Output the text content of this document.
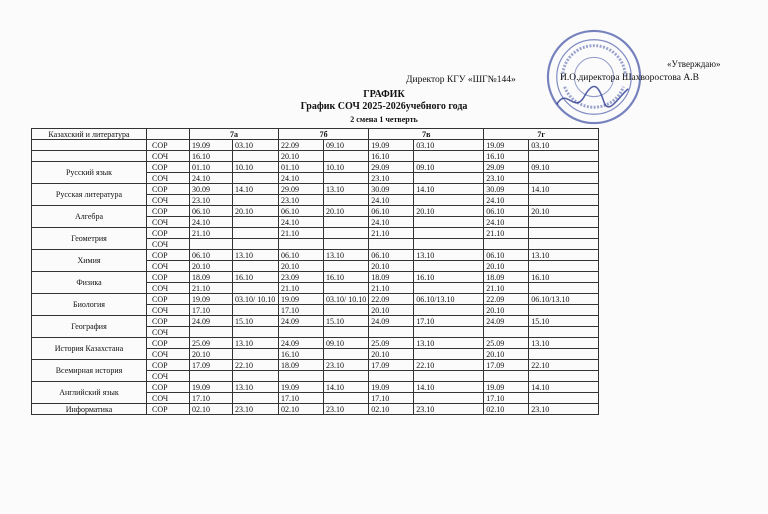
«Утверждаю»
Директор КГУ «ШГ№144»	И.О.директора Шахворостова А.В
ГРАФИК
График СОЧ 2025-2026учебного года
2 смена 1 четверть
Казахский и литература		7а		7б		7в		7г	
	СОР	19.09	03.10	22.09	09.10	19.09	03.10	19.09	03.10
	СОЧ	16.10		20.10		16.10		16.10	
Русский язык	СОР	01.10	10.10	01.10	10.10	29.09	09.10	29.09	09.10
	СОЧ	24.10		24.10		23.10		23.10	
Русская литература	СОР	30.09	14.10	29.09	13.10	30.09	14.10	30.09	14.10
	СОЧ	23.10		23.10		24.10		24.10	
Алгебра	СОР	06.10	20.10	06.10	20.10	06.10	20.10	06.10	20.10
	СОЧ	24.10		24.10		24.10		24.10	
Геометрия	СОР	21.10		21.10		21.10		21.10	
	СОЧ								
Химия	СОР	06.10	13.10	06.10	13.10	06.10	13.10	06.10	13.10
	СОЧ	20.10		20.10		20.10		20.10	
Физика	СОР	18.09	16.10	23.09	16.10	18.09	16.10	18.09	16.10
	СОЧ	21.10		21.10		21.10		21.10	
Биология	СОР	19.09	03.10/ 10.10	19.09	03.10/ 10.10	22.09	06.10/13.10	22.09	06.10/13.10
	СОЧ	17.10		17.10		20.10		20.10	
География	СОР	24.09	15.10	24.09	15.10	24.09	17.10	24.09	15.10
	СОЧ								
История Казахстана	СОР	25.09	13.10	24.09	09.10	25.09	13.10	25.09	13.10
	СОЧ	20.10		16.10		20.10		20.10	
Всемирная история	СОР	17.09	22.10	18.09	23.10	17.09	22.10	17.09	22.10
	СОЧ								
Английский язык	СОР	19.09	13.10	19.09	14.10	19.09	14.10	19.09	14.10
	СОЧ	17.10		17.10		17.10		17.10	
Информатика	СОР	02.10	23.10	02.10	23.10	02.10	23.10	02.10	23.10
